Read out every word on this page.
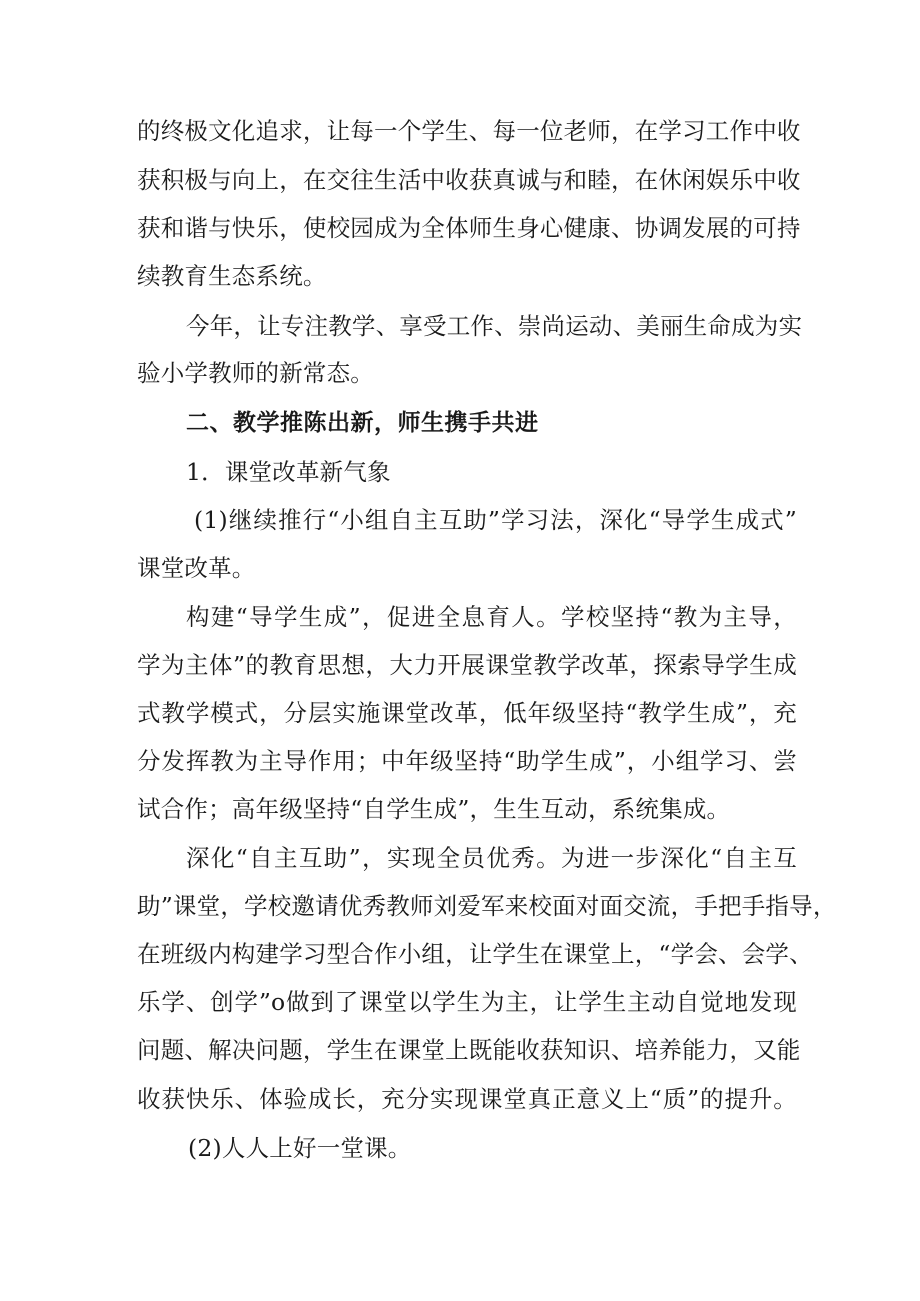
的终极文化追求，让每一个学生、每一位老师，在学习工作中收
获积极与向上，在交往生活中收获真诚与和睦，在休闲娱乐中收
获和谐与快乐，使校园成为全体师生身心健康、协调发展的可持
续教育生态系统。
今年，让专注教学、享受工作、崇尚运动、美丽生命成为实
验小学教师的新常态。
二、教学推陈出新，师生携手共进
1．课堂改革新气象
(1)继续推行“小组自主互助”学习法，深化“导学生成式”
课堂改革。
构建“导学生成”，促进全息育人。学校坚持“教为主导，
学为主体”的教育思想，大力开展课堂教学改革，探索导学生成
式教学模式，分层实施课堂改革，低年级坚持“教学生成”，充
分发挥教为主导作用；中年级坚持“助学生成”，小组学习、尝
试合作；高年级坚持“自学生成”，生生互动，系统集成。
深化“自主互助”，实现全员优秀。为进一步深化“自主互
助”课堂，学校邀请优秀教师刘爱军来校面对面交流，手把手指导，
在班级内构建学习型合作小组，让学生在课堂上，“学会、会学、
乐学、创学”o做到了课堂以学生为主，让学生主动自觉地发现
问题、解决问题，学生在课堂上既能收获知识、培养能力，又能
收获快乐、体验成长，充分实现课堂真正意义上“质”的提升。
(2)人人上好一堂课。
